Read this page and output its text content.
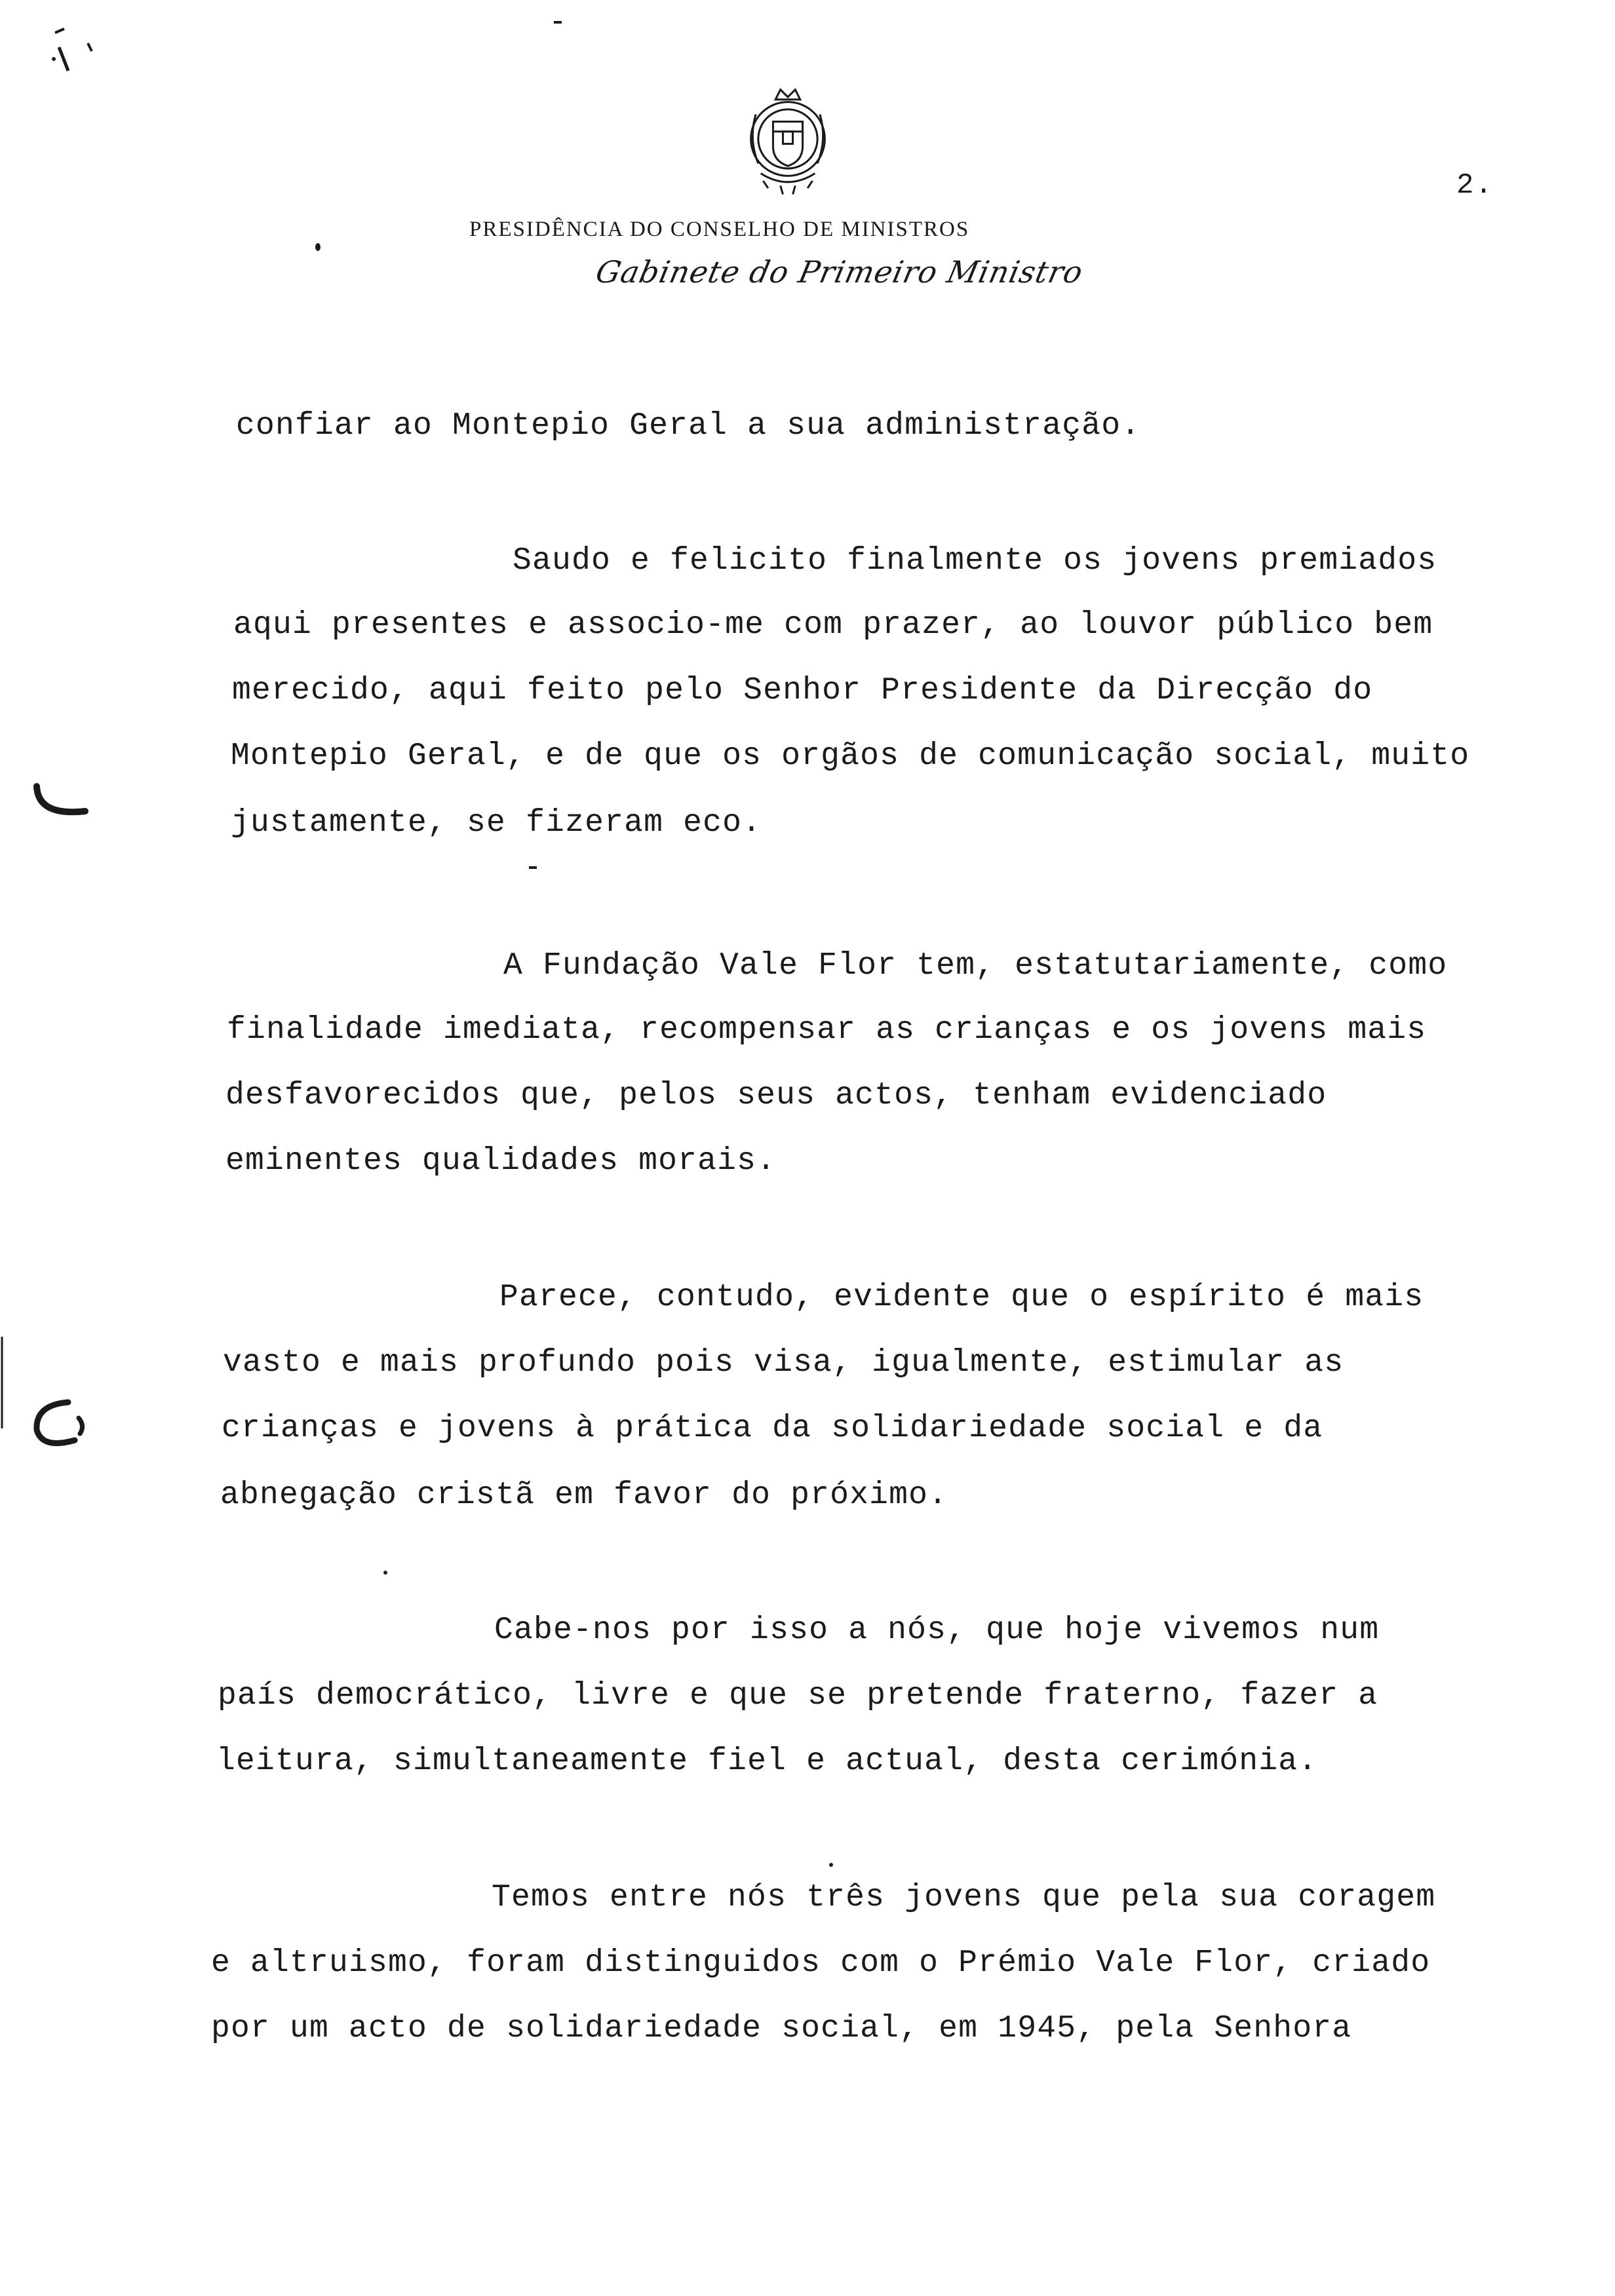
2.
PRESIDÊNCIA DO CONSELHO DE MINISTROS
Gabinete do Primeiro Ministro
confiar ao Montepio Geral a sua administração.
Saudo e felicito finalmente os jovens premiados
aqui presentes e associo-me com prazer, ao louvor público bem
merecido, aqui feito pelo Senhor Presidente da Direcção do
Montepio Geral, e de que os orgãos de comunicação social, muito
justamente, se fizeram eco.
A Fundação Vale Flor tem, estatutariamente, como
finalidade imediata, recompensar as crianças e os jovens mais
desfavorecidos que, pelos seus actos, tenham evidenciado
eminentes qualidades morais.
Parece, contudo, evidente que o espírito é mais
vasto e mais profundo pois visa, igualmente, estimular as
crianças e jovens à prática da solidariedade social e da
abnegação cristã em favor do próximo.
Cabe-nos por isso a nós, que hoje vivemos num
país democrático, livre e que se pretende fraterno, fazer a
leitura, simultaneamente fiel e actual, desta cerimónia.
Temos entre nós três jovens que pela sua coragem
e altruismo, foram distinguidos com o Prémio Vale Flor, criado
por um acto de solidariedade social, em 1945, pela Senhora
